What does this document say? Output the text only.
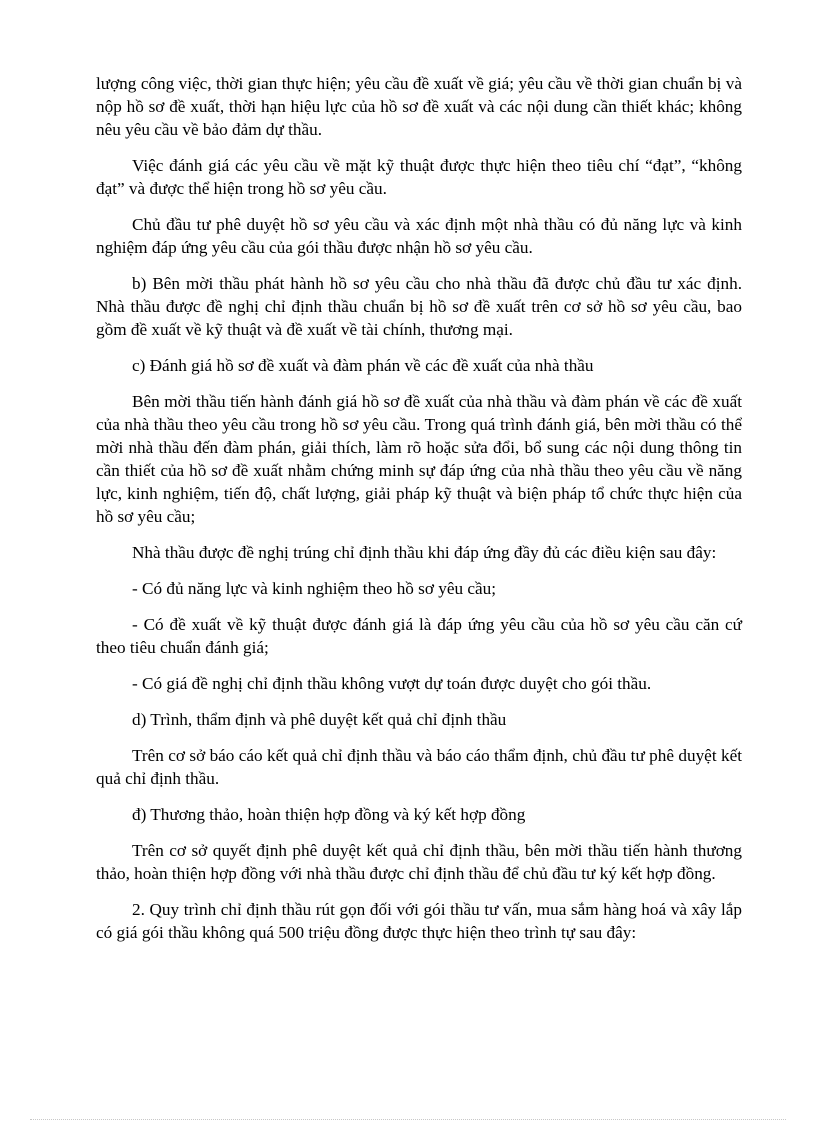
lượng công việc, thời gian thực hiện; yêu cầu đề xuất về giá; yêu cầu về thời gian chuẩn bị và nộp hồ sơ đề xuất, thời hạn hiệu lực của hồ sơ đề xuất và các nội dung cần thiết khác; không nêu yêu cầu về bảo đảm dự thầu.

Việc đánh giá các yêu cầu về mặt kỹ thuật được thực hiện theo tiêu chí “đạt”, “không đạt” và được thể hiện trong hồ sơ yêu cầu.

Chủ đầu tư phê duyệt hồ sơ yêu cầu và xác định một nhà thầu có đủ năng lực và kinh nghiệm đáp ứng yêu cầu của gói thầu được nhận hồ sơ yêu cầu.

b) Bên mời thầu phát hành hồ sơ yêu cầu cho nhà thầu đã được chủ đầu tư xác định. Nhà thầu được đề nghị chỉ định thầu chuẩn bị hồ sơ đề xuất trên cơ sở hồ sơ yêu cầu, bao gồm đề xuất về kỹ thuật và đề xuất về tài chính, thương mại.

c) Đánh giá hồ sơ đề xuất và đàm phán về các đề xuất của nhà thầu

Bên mời thầu tiến hành đánh giá hồ sơ đề xuất của nhà thầu và đàm phán về các đề xuất của nhà thầu theo yêu cầu trong hồ sơ yêu cầu. Trong quá trình đánh giá, bên mời thầu có thể mời nhà thầu đến đàm phán, giải thích, làm rõ hoặc sửa đổi, bổ sung các nội dung thông tin cần thiết của hồ sơ đề xuất nhằm chứng minh sự đáp ứng của nhà thầu theo yêu cầu về năng lực, kinh nghiệm, tiến độ, chất lượng, giải pháp kỹ thuật và biện pháp tổ chức thực hiện của hồ sơ yêu cầu;

Nhà thầu được đề nghị trúng chỉ định thầu khi đáp ứng đầy đủ các điều kiện sau đây:

- Có đủ năng lực và kinh nghiệm theo hồ sơ yêu cầu;

- Có đề xuất về kỹ thuật được đánh giá là đáp ứng yêu cầu của hồ sơ yêu cầu căn cứ theo tiêu chuẩn đánh giá;

- Có giá đề nghị chỉ định thầu không vượt dự toán được duyệt cho gói thầu.

d) Trình, thẩm định và phê duyệt kết quả chỉ định thầu

Trên cơ sở báo cáo kết quả chỉ định thầu và báo cáo thẩm định, chủ đầu tư phê duyệt kết quả chỉ định thầu.

đ) Thương thảo, hoàn thiện hợp đồng và ký kết hợp đồng

Trên cơ sở quyết định phê duyệt kết quả chỉ định thầu, bên mời thầu tiến hành thương thảo, hoàn thiện hợp đồng với nhà thầu được chỉ định thầu để chủ đầu tư ký kết hợp đồng.

2. Quy trình chỉ định thầu rút gọn đối với gói thầu tư vấn, mua sắm hàng hoá và xây lắp có giá gói thầu không quá 500 triệu đồng được thực hiện theo trình tự sau đây:
